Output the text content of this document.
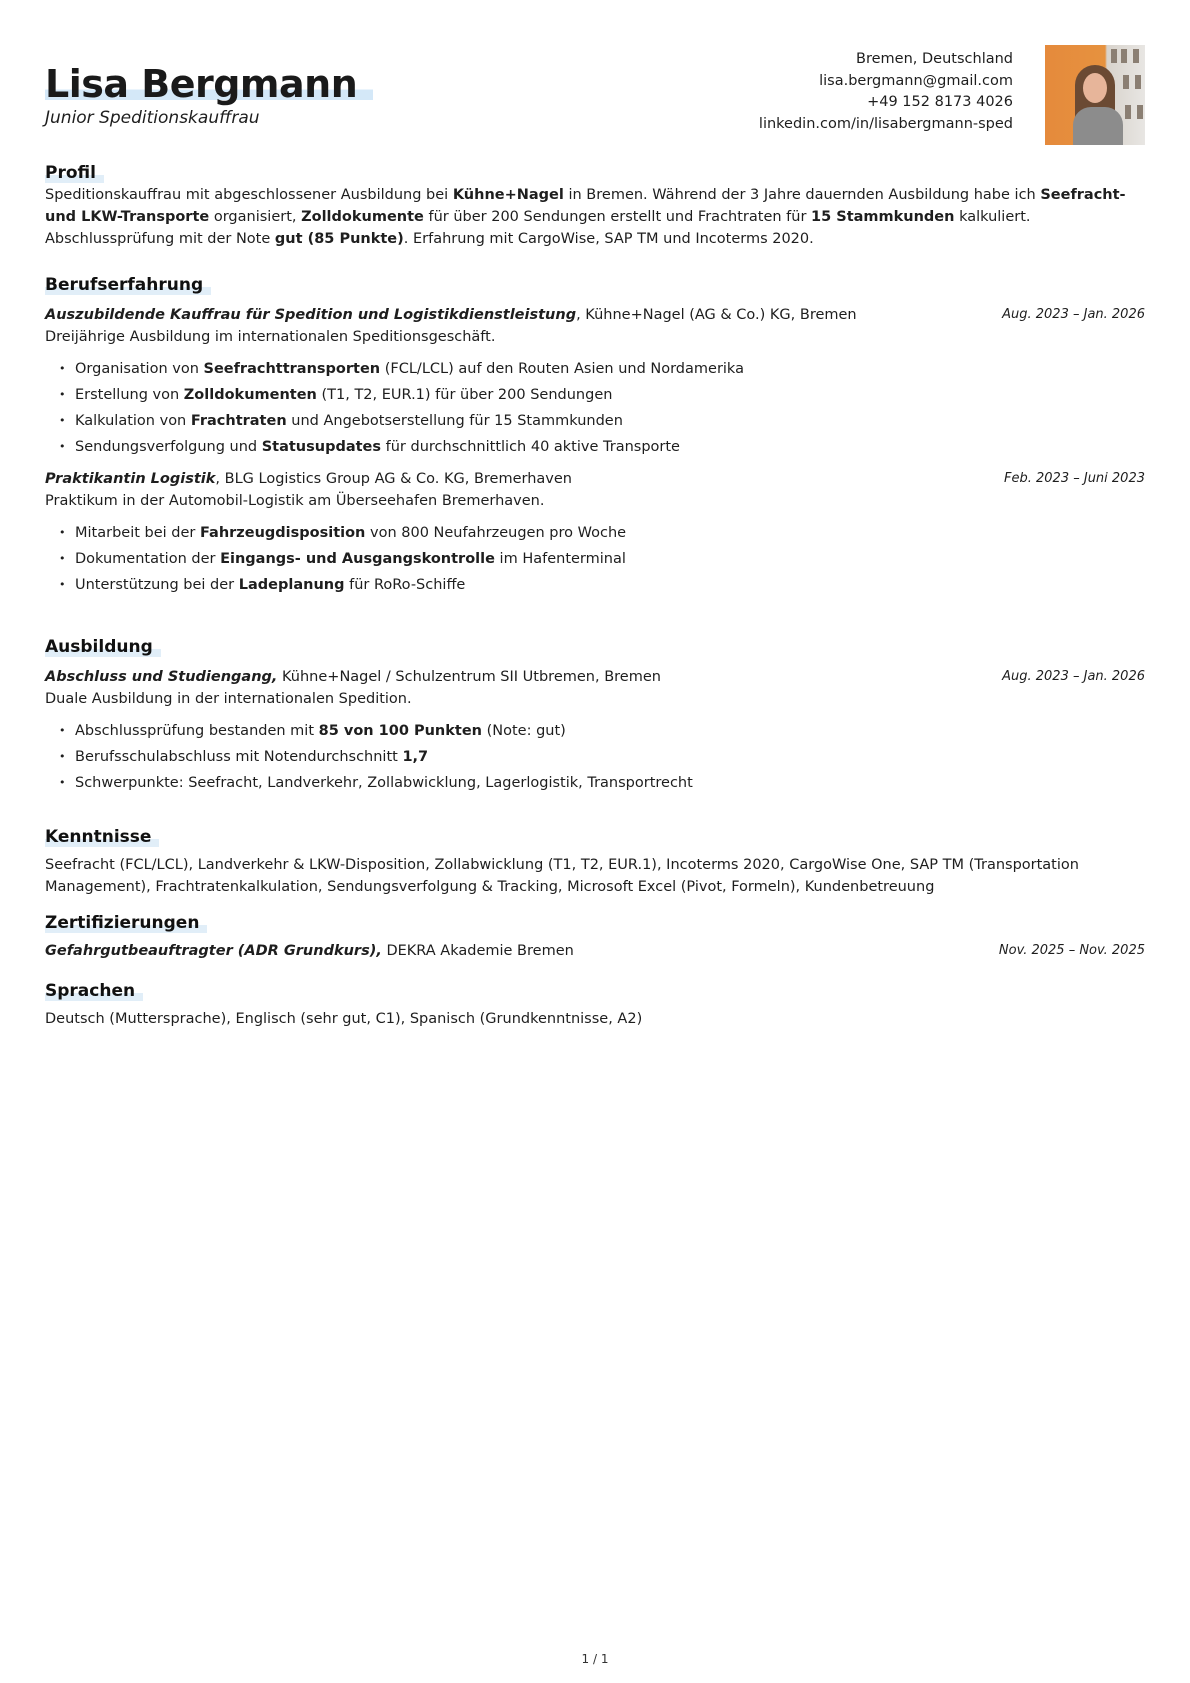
Lisa Bergmann
Junior Speditionskauffrau
Bremen, Deutschland
lisa.bergmann@gmail.com
+49 152 8173 4026
linkedin.com/in/lisabergmann-sped
Profil
Speditionskauffrau mit abgeschlossener Ausbildung bei Kühne+Nagel in Bremen. Während der 3 Jahre dauernden Ausbildung habe ich Seefracht- und LKW-Transporte organisiert, Zolldokumente für über 200 Sendungen erstellt und Frachtraten für 15 Stammkunden kalkuliert. Abschlussprüfung mit der Note gut (85 Punkte). Erfahrung mit CargoWise, SAP TM und Incoterms 2020.
Berufserfahrung
Auszubildende Kauffrau für Spedition und Logistikdienstleistung, Kühne+Nagel (AG & Co.) KG, Bremen	Aug. 2023 – Jan. 2026
Dreijährige Ausbildung im internationalen Speditionsgeschäft.
• Organisation von Seefrachttransporten (FCL/LCL) auf den Routen Asien und Nordamerika
• Erstellung von Zolldokumenten (T1, T2, EUR.1) für über 200 Sendungen
• Kalkulation von Frachtraten und Angebotserstellung für 15 Stammkunden
• Sendungsverfolgung und Statusupdates für durchschnittlich 40 aktive Transporte
Praktikantin Logistik, BLG Logistics Group AG & Co. KG, Bremerhaven	Feb. 2023 – Juni 2023
Praktikum in der Automobil-Logistik am Überseehafen Bremerhaven.
• Mitarbeit bei der Fahrzeugdisposition von 800 Neufahrzeugen pro Woche
• Dokumentation der Eingangs- und Ausgangskontrolle im Hafenterminal
• Unterstützung bei der Ladeplanung für RoRo-Schiffe
Ausbildung
Abschluss und Studiengang, Kühne+Nagel / Schulzentrum SII Utbremen, Bremen	Aug. 2023 – Jan. 2026
Duale Ausbildung in der internationalen Spedition.
• Abschlussprüfung bestanden mit 85 von 100 Punkten (Note: gut)
• Berufsschulabschluss mit Notendurchschnitt 1,7
• Schwerpunkte: Seefracht, Landverkehr, Zollabwicklung, Lagerlogistik, Transportrecht
Kenntnisse
Seefracht (FCL/LCL), Landverkehr & LKW-Disposition, Zollabwicklung (T1, T2, EUR.1), Incoterms 2020, CargoWise One, SAP TM (Transportation Management), Frachtratenkalkulation, Sendungsverfolgung & Tracking, Microsoft Excel (Pivot, Formeln), Kundenbetreuung
Zertifizierungen
Gefahrgutbeauftragter (ADR Grundkurs), DEKRA Akademie Bremen	Nov. 2025 – Nov. 2025
Sprachen
Deutsch (Muttersprache), Englisch (sehr gut, C1), Spanisch (Grundkenntnisse, A2)
1 / 1
